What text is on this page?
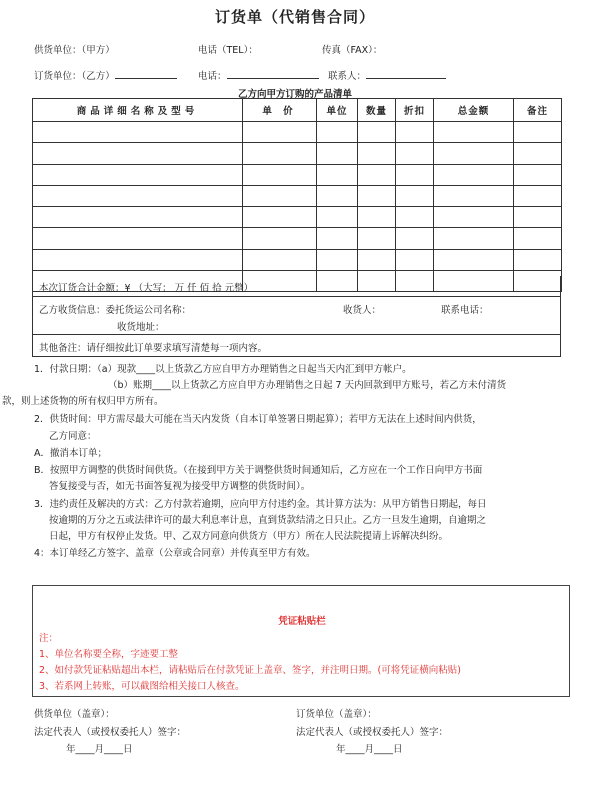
订货单（代销售合同）
供货单位：（甲方）	电话（TEL）：	传真（FAX）：
订货单位：（乙方）	电话：	联系人：
乙方向甲方订购的产品清单
商品详细名称及型号	单 价	单位	数量	折扣	总金额	备注

本次订货合计金额：¥ （大写： 万 仟 佰 拾 元整）
乙方收货信息：委托货运公司名称：	收货人：	联系电话：
收货地址：
其他备注：请仔细按此订单要求填写清楚每一项内容。
1．付款日期：（a）现款____以上货款乙方应自甲方办理销售之日起当天内汇到甲方帐户。
（b）账期____以上货款乙方应自甲方办理销售之日起 7 天内回款到甲方账号，若乙方未付清货
款，则上述货物的所有权归甲方所有。
2．供货时间：甲方需尽最大可能在当天内发货（自本订单签署日期起算）；若甲方无法在上述时间内供货，
乙方同意：
A．撤消本订单；
B．按照甲方调整的供货时间供货。（在接到甲方关于调整供货时间通知后，乙方应在一个工作日向甲方书面
答复接受与否，如无书面答复视为接受甲方调整的供货时间）。
3．违约责任及解决的方式：乙方付款若逾期，应向甲方付违约金。其计算方法为：从甲方销售日期起，每日
按逾期的万分之五或法律许可的最大利息率计息，直到货款结清之日只止。乙方一旦发生逾期，自逾期之
日起，甲方有权停止发货。甲、乙双方同意向供货方（甲方）所在人民法院提请上诉解决纠纷。
4：本订单经乙方签字、盖章（公章或合同章）并传真至甲方有效。
凭证粘贴栏
注：
1、单位名称要全称，字迹要工整
2、如付款凭证粘贴超出本栏，请粘贴后在付款凭证上盖章、签字，并注明日期。(可将凭证横向粘贴)
3、若系网上转账，可以截图给相关接口人核查。
供货单位（盖章）：
法定代表人（或授权委托人）签字：
年____月____日
订货单位（盖章）：
法定代表人（或授权委托人）签字：
年____月____日
